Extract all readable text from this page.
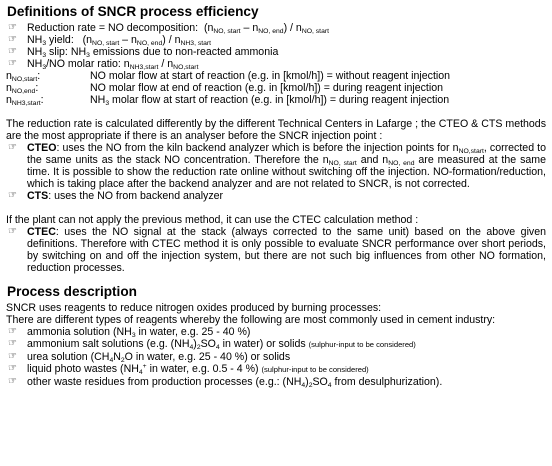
Definitions of SNCR process efficiency
☞ Reduction rate = NO decomposition:  $(n_{NO, start} - n_{NO, end}) / n_{NO, start}$
☞ $NH_3$ yield:   $(n_{NO, start} - n_{NO, end}) / n_{NH3, start}$
☞ $NH_3$ slip: $NH_3$ emissions due to non-reacted ammonia
☞ $NH_3/NO$ molar ratio: $n_{NH3,start} / n_{NO,start}$
$n_{NO,start}$:	NO molar flow at start of reaction (e.g. in [kmol/h]) = without reagent injection
$n_{NO,end}$:	NO molar flow at end of reaction (e.g. in [kmol/h]) = during reagent injection
$n_{NH3,start}$:	$NH_3$ molar flow at start of reaction (e.g. in [kmol/h]) = during reagent injection
The reduction rate is calculated differently by the different Technical Centers in Lafarge ; the CTEO & CTS methods are the most appropriate if there is an analyser before the SNCR injection point :
☞ CTEO: uses the NO from the kiln backend analyzer which is before the injection points for $n_{NO,start}$, corrected to the same units as the stack NO concentration. Therefore the $n_{NO, start}$ and $n_{NO, end}$ are measured at the same time. It is possible to show the reduction rate online without switching off the injection. NO-formation/reduction, which is taking place after the backend analyzer and are not related to SNCR, is not corrected.
☞ CTS: uses the NO from backend analyzer
If the plant can not apply the previous method, it can use the CTEC calculation method :
☞ CTEC: uses the NO signal at the stack (always corrected to the same unit) based on the above given definitions. Therefore with CTEC method it is only possible to evaluate SNCR performance over short periods, by switching on and off the injection system, but there are not such big influences from other NO formation, reduction processes.
Process description
SNCR uses reagents to reduce nitrogen oxides produced by burning processes:
There are different types of reagents whereby the following are most commonly used in cement industry:
☞ ammonia solution ($NH_3$ in water, e.g. 25 - 40 %)
☞ ammonium salt solutions (e.g. $(NH_4)_2SO_4$ in water) or solids (sulphur-input to be considered)
☞ urea solution ($CH_4N_2O$ in water, e.g. 25 - 40 %) or solids
☞ liquid photo wastes ($NH_4^+$ in water, e.g. 0.5 - 4 %) (sulphur-input to be considered)
☞ other waste residues from production processes (e.g.: $(NH_4)_2SO_4$ from desulphurization).
